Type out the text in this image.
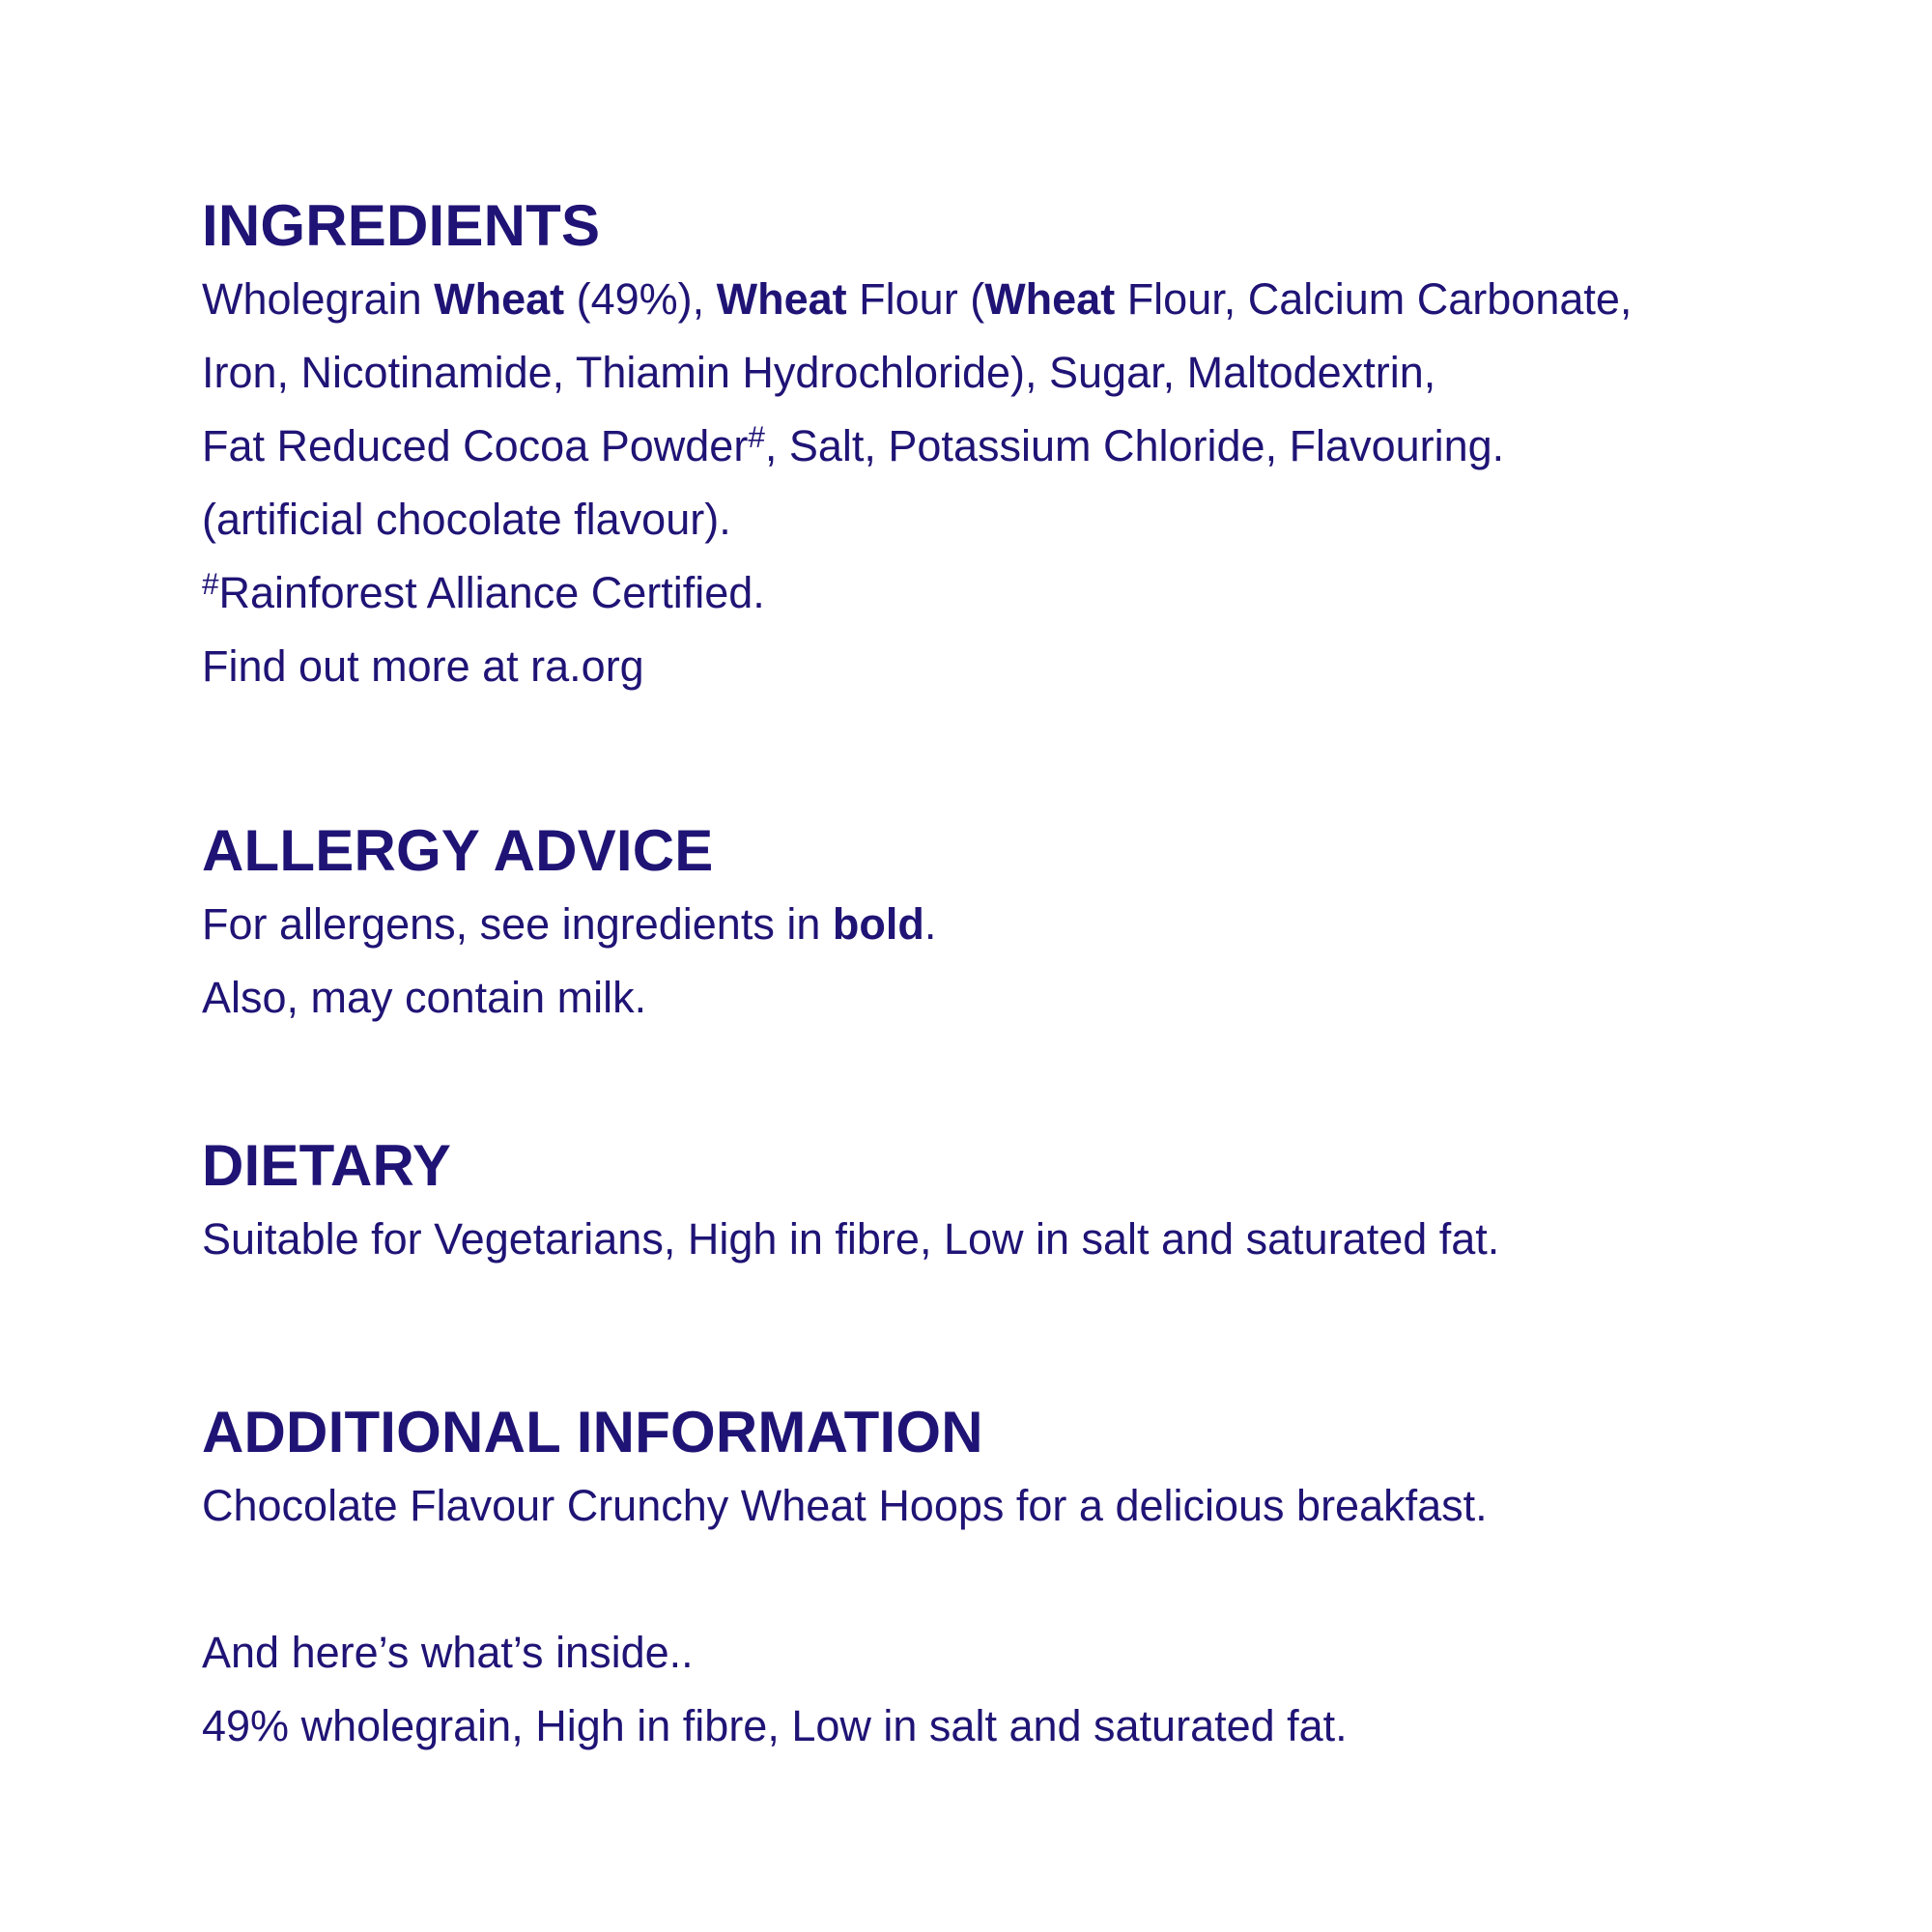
INGREDIENTS
Wholegrain Wheat (49%), Wheat Flour (Wheat Flour, Calcium Carbonate,
Iron, Nicotinamide, Thiamin Hydrochloride), Sugar, Maltodextrin,
Fat Reduced Cocoa Powder#, Salt, Potassium Chloride, Flavouring.
(artificial chocolate flavour).
#Rainforest Alliance Certified.
Find out more at ra.org
ALLERGY ADVICE
For allergens, see ingredients in bold.
Also, may contain milk.
DIETARY
Suitable for Vegetarians, High in fibre, Low in salt and saturated fat.
ADDITIONAL INFORMATION
Chocolate Flavour Crunchy Wheat Hoops for a delicious breakfast.
And here’s what’s inside..
49% wholegrain, High in fibre, Low in salt and saturated fat.
